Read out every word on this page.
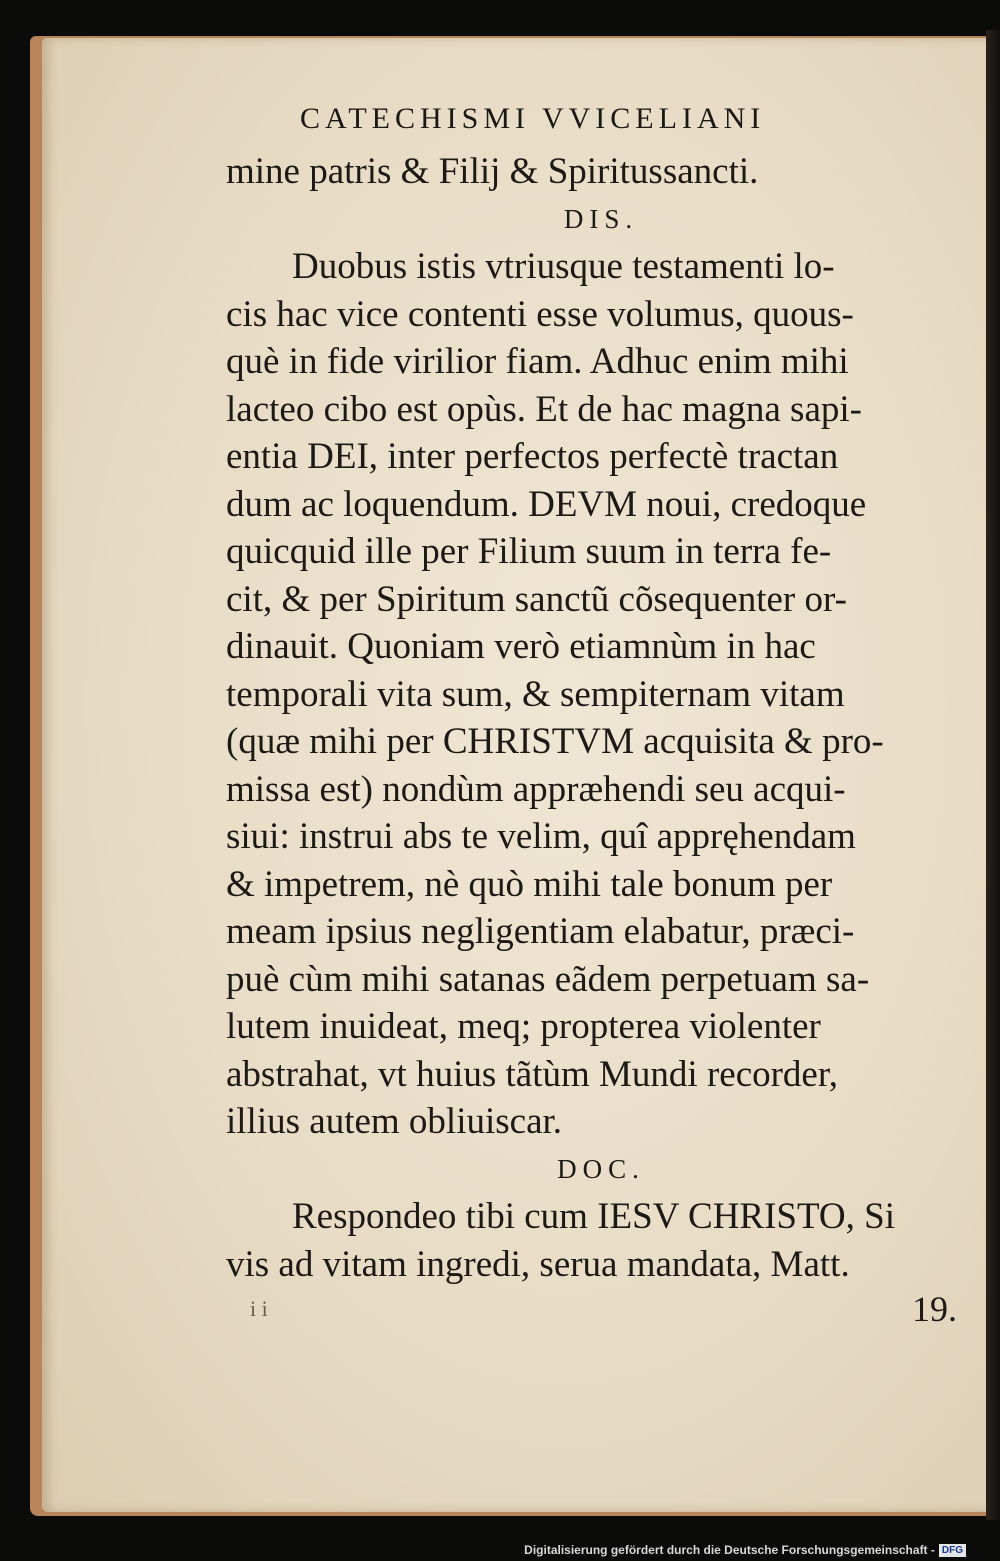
CATECHISMI VVICELIANI
mine patris & Filij & Spiritussancti.
DIS.
Duobus istis vtriusque testamenti lo-
cis hac vice contenti esse volumus, quous-
què in fide virilior fiam. Adhuc enim mihi
lacteo cibo est opùs. Et de hac magna sapi-
entia DEI, inter perfectos perfectè tractan
dum ac loquendum. DEVM noui, credoque
quicquid ille per Filium suum in terra fe-
cit, & per Spiritum sanctũ cõsequenter or-
dinauit. Quoniam verò etiamnùm in hac
temporali vita sum, & sempiternam vitam
(quæ mihi per CHRISTVM acquisita & pro-
missa est) nondùm appræhendi seu acqui-
siui: instrui abs te velim, quî appręhendam
& impetrem, nè quò mihi tale bonum per
meam ipsius negligentiam elabatur, præci-
puè cùm mihi satanas eãdem perpetuam sa-
lutem inuideat, meq; propterea violenter
abstrahat, vt huius tãtùm Mundi recorder,
illius autem obliuiscar.
DOC.
Respondeo tibi cum IESV CHRISTO, Si
vis ad vitam ingredi, serua mandata, Matt.
i i	19.
Digitalisierung gefördert durch die Deutsche Forschungsgemeinschaft - DFG
